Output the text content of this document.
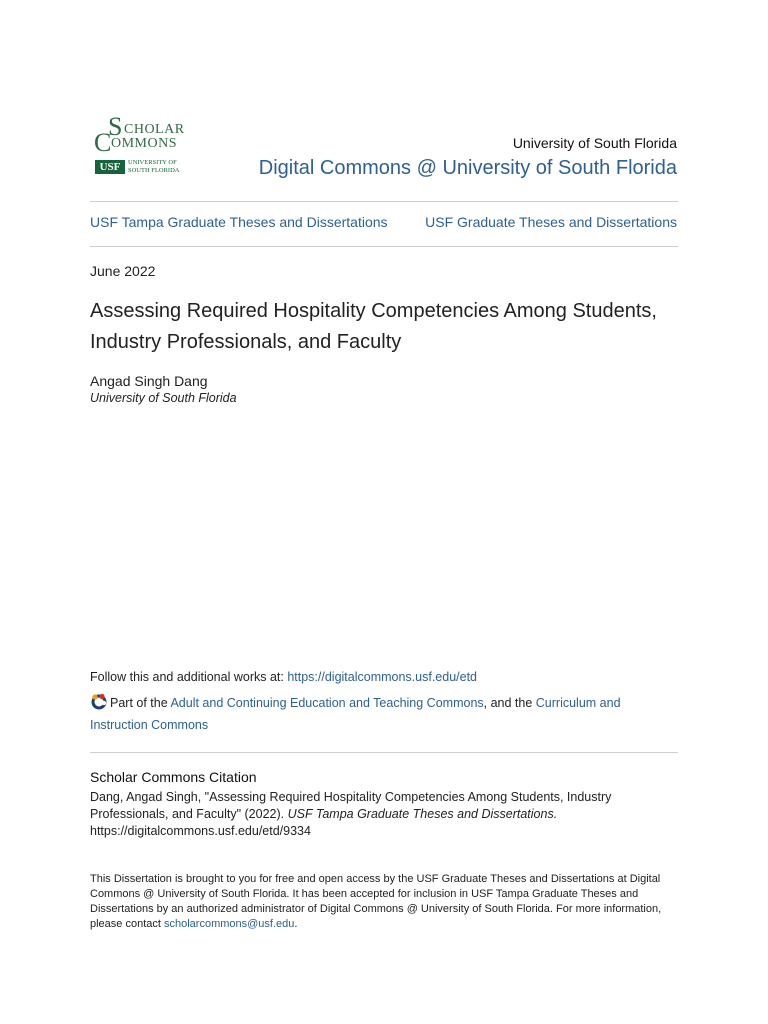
S CHOLAR
C OMMONS
USF	UNIVERSITY OF
SOUTH FLORIDA
University of South Florida
Digital Commons @ University of South Florida
USF Tampa Graduate Theses and Dissertations	USF Graduate Theses and Dissertations
June 2022
Assessing Required Hospitality Competencies Among Students, Industry Professionals, and Faculty
Angad Singh Dang
University of South Florida
Follow this and additional works at: https://digitalcommons.usf.edu/etd
Part of the Adult and Continuing Education and Teaching Commons, and the Curriculum and Instruction Commons
Scholar Commons Citation
Dang, Angad Singh, "Assessing Required Hospitality Competencies Among Students, Industry Professionals, and Faculty" (2022). USF Tampa Graduate Theses and Dissertations.
https://digitalcommons.usf.edu/etd/9334
This Dissertation is brought to you for free and open access by the USF Graduate Theses and Dissertations at Digital Commons @ University of South Florida. It has been accepted for inclusion in USF Tampa Graduate Theses and Dissertations by an authorized administrator of Digital Commons @ University of South Florida. For more information, please contact scholarcommons@usf.edu.
